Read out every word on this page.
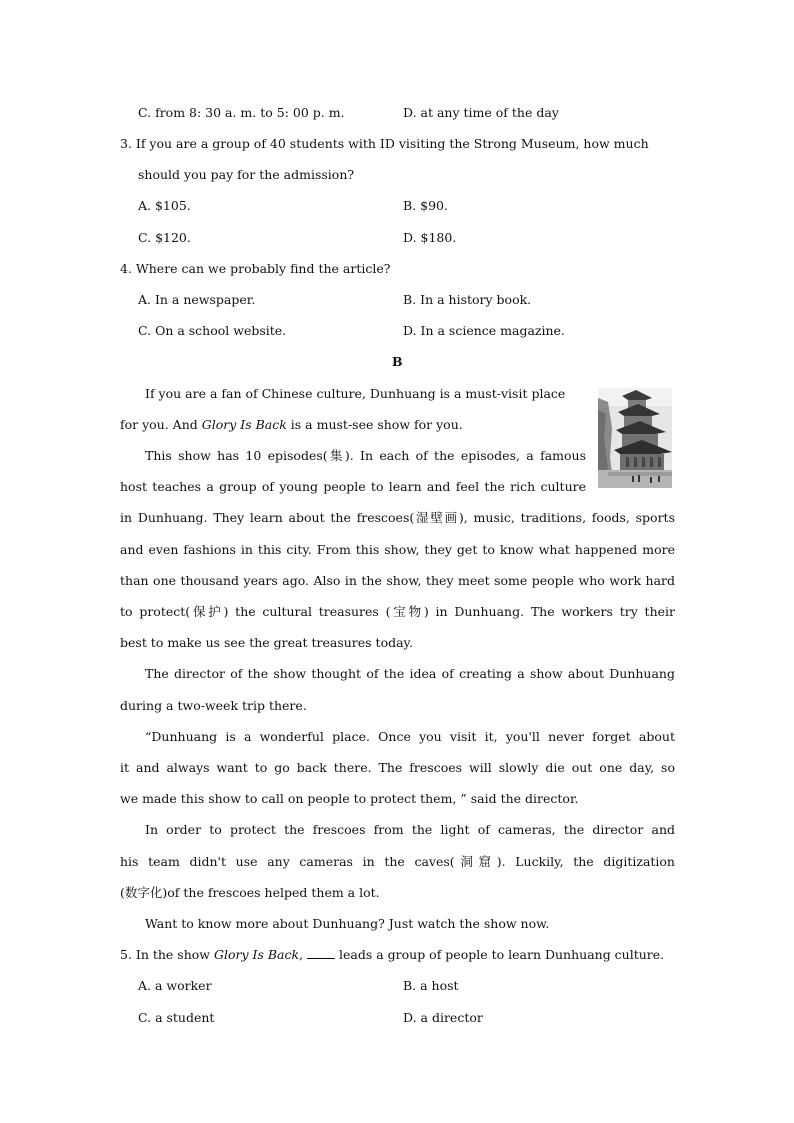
C. from 8: 30 a. m. to 5: 00 p. m.	D. at any time of the day
3. If you are a group of 40 students with ID visiting the Strong Museum, how much
should you pay for the admission?
A. $105.	B. $90.
C. $120.	D. $180.
4. Where can we probably find the article?
A. In a newspaper.	B. In a history book.
C. On a school website.	D. In a science magazine.
B
If you are a fan of Chinese culture, Dunhuang is a must-visit place
for you. And Glory Is Back is a must-see show for you.
This show has 10 episodes(集). In each of the episodes, a famous
host teaches a group of young people to learn and feel the rich culture
in Dunhuang. They learn about the frescoes(湿壁画), music, traditions, foods, sports
and even fashions in this city. From this show, they get to know what happened more
than one thousand years ago. Also in the show, they meet some people who work hard
to protect(保护) the cultural treasures (宝物) in Dunhuang. The workers try their
best to make us see the great treasures today.
The director of the show thought of the idea of creating a show about Dunhuang
during a two-week trip there.
“Dunhuang is a wonderful place. Once you visit it, you'll never forget about
it and always want to go back there. The frescoes will slowly die out one day, so
we made this show to call on people to protect them, ” said the director.
In order to protect the frescoes from the light of cameras, the director and
his team didn't use any cameras in the caves(洞窟). Luckily, the digitization
(数字化)of the frescoes helped them a lot.
Want to know more about Dunhuang? Just watch the show now.
5. In the show Glory Is Back,	leads a group of people to learn Dunhuang culture.
A. a worker	B. a host
C. a student	D. a director
